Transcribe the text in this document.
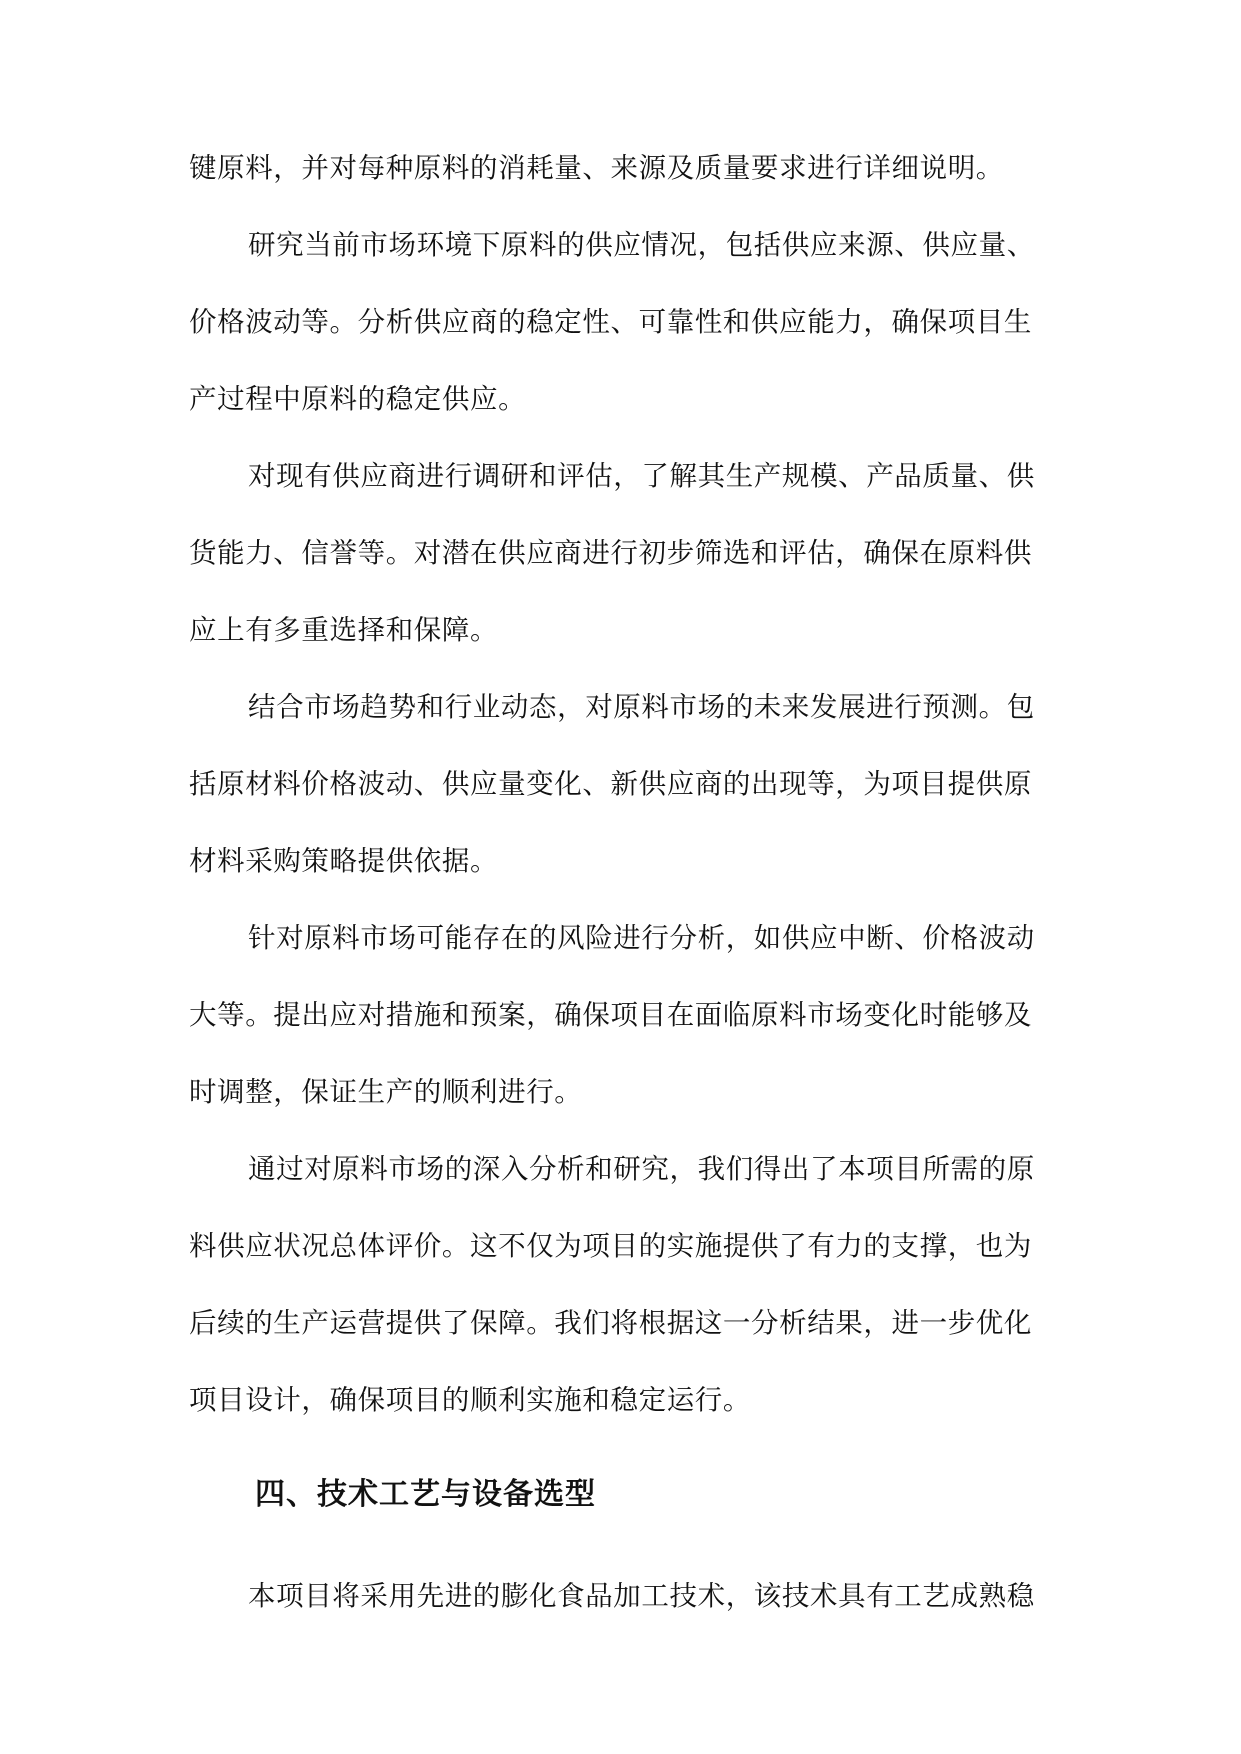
键原料，并对每种原料的消耗量、来源及质量要求进行详细说明。
研究当前市场环境下原料的供应情况，包括供应来源、供应量、
价格波动等。分析供应商的稳定性、可靠性和供应能力，确保项目生
产过程中原料的稳定供应。
对现有供应商进行调研和评估，了解其生产规模、产品质量、供
货能力、信誉等。对潜在供应商进行初步筛选和评估，确保在原料供
应上有多重选择和保障。
结合市场趋势和行业动态，对原料市场的未来发展进行预测。包
括原材料价格波动、供应量变化、新供应商的出现等，为项目提供原
材料采购策略提供依据。
针对原料市场可能存在的风险进行分析，如供应中断、价格波动
大等。提出应对措施和预案，确保项目在面临原料市场变化时能够及
时调整，保证生产的顺利进行。
通过对原料市场的深入分析和研究，我们得出了本项目所需的原
料供应状况总体评价。这不仅为项目的实施提供了有力的支撑，也为
后续的生产运营提供了保障。我们将根据这一分析结果，进一步优化
项目设计，确保项目的顺利实施和稳定运行。
四、技术工艺与设备选型
本项目将采用先进的膨化食品加工技术，该技术具有工艺成熟稳
